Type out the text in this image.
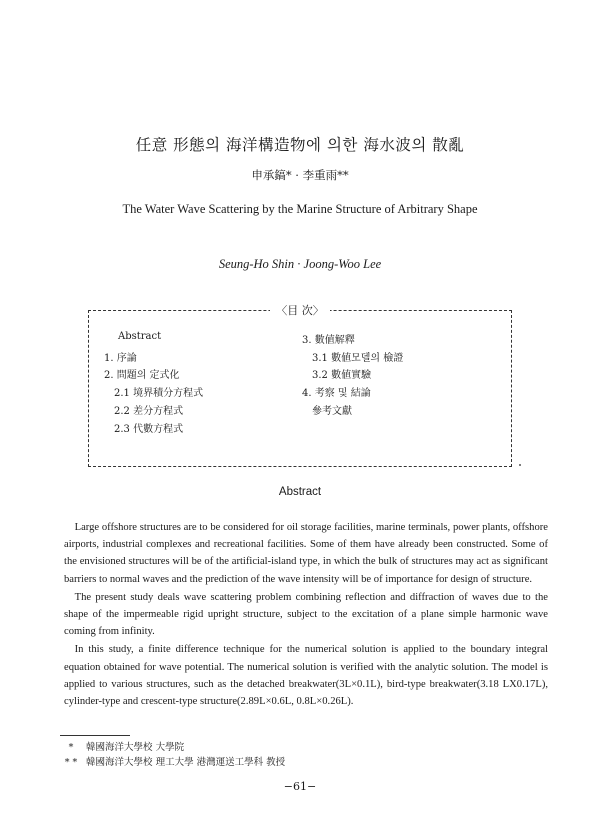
任意 形態의 海洋構造物에 의한 海水波의 散亂
申承鎬* · 李重雨**
The Water Wave Scattering by the Marine Structure of Arbitrary Shape
Seung-Ho Shin · Joong-Woo Lee
〈目 次〉
Abstract
1. 序論
2. 問題의 定式化
2.1 境界積分方程式
2.2 差分方程式
2.3 代數方程式
3. 數値解釋
3.1 數値모델의 檢證
3.2 數値實驗
4. 考察 및 結論
參考文獻
Abstract

Large offshore structures are to be considered for oil storage facilities, marine terminals, power plants, offshore airports, industrial complexes and recreational facilities. Some of them have already been constructed. Some of the envisioned structures will be of the artificial-island type, in which the bulk of structures may act as significant barriers to normal waves and the prediction of the wave intensity will be of importance for design of structure.

The present study deals wave scattering problem combining reflection and diffraction of waves due to the shape of the impermeable rigid upright structure, subject to the excitation of a plane simple harmonic wave coming from infinity.

In this study, a finite difference technique for the numerical solution is applied to the boundary integral equation obtained for wave potential. The numerical solution is verified with the analytic solution. The model is applied to various structures, such as the detached breakwater(3L×0.1L), bird-type breakwater(3.18 LX0.17L), cylinder-type and crescent-type structure(2.89L×0.6L, 0.8L×0.26L).

* 韓國海洋大學校 大學院
* * 韓國海洋大學校 理工大學 港灣運送工學科 教授
−61−
